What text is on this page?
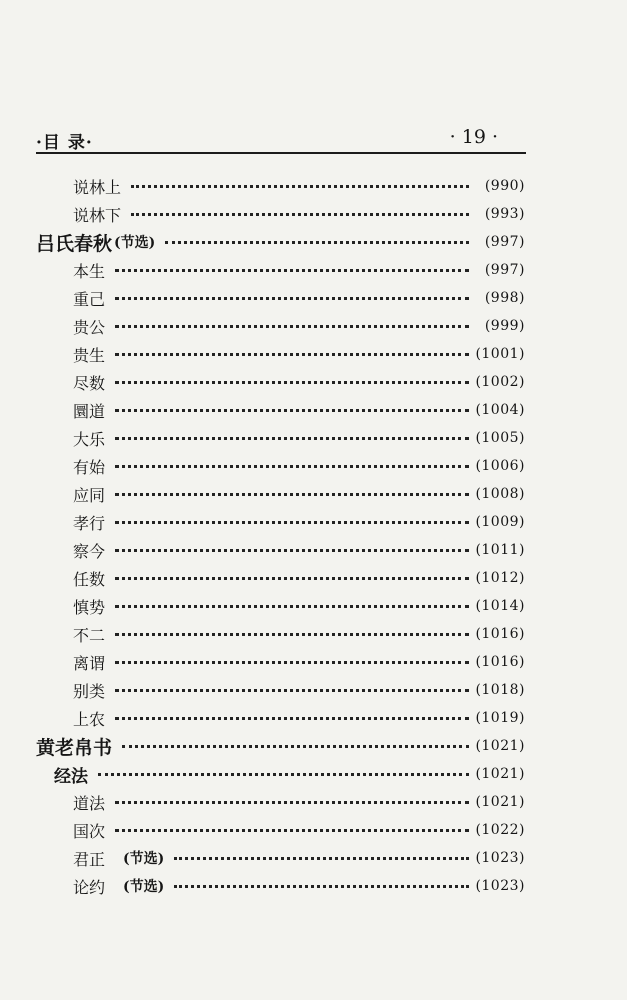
·目 录·	· 19 ·
说林上	(990)
说林下	(993)
吕氏春秋 (节选)	(997)
本生	(997)
重己	(998)
贵公	(999)
贵生	(1001)
尽数	(1002)
圜道	(1004)
大乐	(1005)
有始	(1006)
应同	(1008)
孝行	(1009)
察今	(1011)
任数	(1012)
慎势	(1014)
不二	(1016)
离谓	(1016)
别类	(1018)
上农	(1019)
黄老帛书	(1021)
经法	(1021)
道法	(1021)
国次	(1022)
君正 (节选)	(1023)
论约 (节选)	(1023)
